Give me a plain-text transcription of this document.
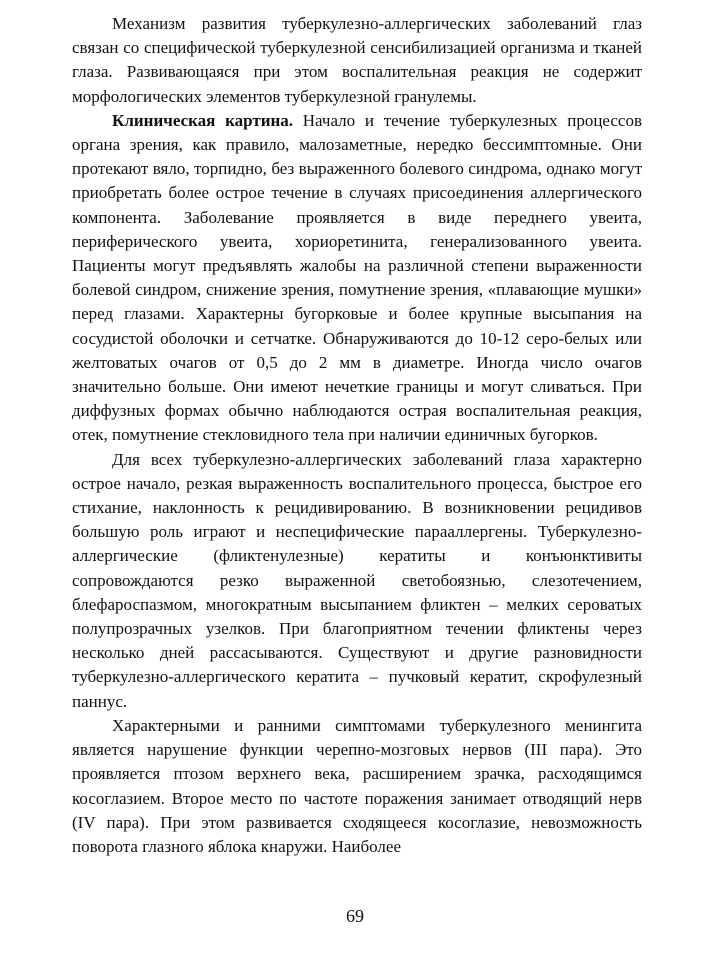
Механизм развития туберкулезно-аллергических заболеваний глаз связан со специфической туберкулезной сенсибилизацией организма и тканей глаза. Развивающаяся при этом воспалительная реакция не содержит морфологических элементов туберкулезной гранулемы.

Клиническая картина. Начало и течение туберкулезных процессов органа зрения, как правило, малозаметные, нередко бессимптомные. Они протекают вяло, торпидно, без выраженного болевого синдрома, однако могут приобретать более острое течение в случаях присоединения аллергического компонента. Заболевание проявляется в виде переднего увеита, периферического увеита, хориоретинита, генерализованного увеита. Пациенты могут предъявлять жалобы на различной степени выраженности болевой синдром, снижение зрения, помутнение зрения, «плавающие мушки» перед глазами. Характерны бугорковые и более крупные высыпания на сосудистой оболочки и сетчатке. Обнаруживаются до 10-12 серо-белых или желтоватых очагов от 0,5 до 2 мм в диаметре. Иногда число очагов значительно больше. Они имеют нечеткие границы и могут сливаться. При диффузных формах обычно наблюдаются острая воспалительная реакция, отек, помутнение стекловидного тела при наличии единичных бугорков.

Для всех туберкулезно-аллергических заболеваний глаза характерно острое начало, резкая выраженность воспалительного процесса, быстрое его стихание, наклонность к рецидивированию. В возникновении рецидивов большую роль играют и неспецифические парааллергены. Туберкулезно-аллергические (фликтенулезные) кератиты и конъюнктивиты сопровождаются резко выраженной светобоязнью, слезотечением, блефароспазмом, многократным высыпанием фликтен – мелких сероватых полупрозрачных узелков. При благоприятном течении фликтены через несколько дней рассасываются. Существуют и другие разновидности туберкулезно-аллергического кератита – пучковый кератит, скрофулезный паннус.

Характерными и ранними симптомами туберкулезного менингита является нарушение функции черепно-мозговых нервов (III пара). Это проявляется птозом верхнего века, расширением зрачка, расходящимся косоглазием. Второе место по частоте поражения занимает отводящий нерв (IV пара). При этом развивается сходящееся косоглазие, невозможность поворота глазного яблока кнаружи. Наиболее

69
